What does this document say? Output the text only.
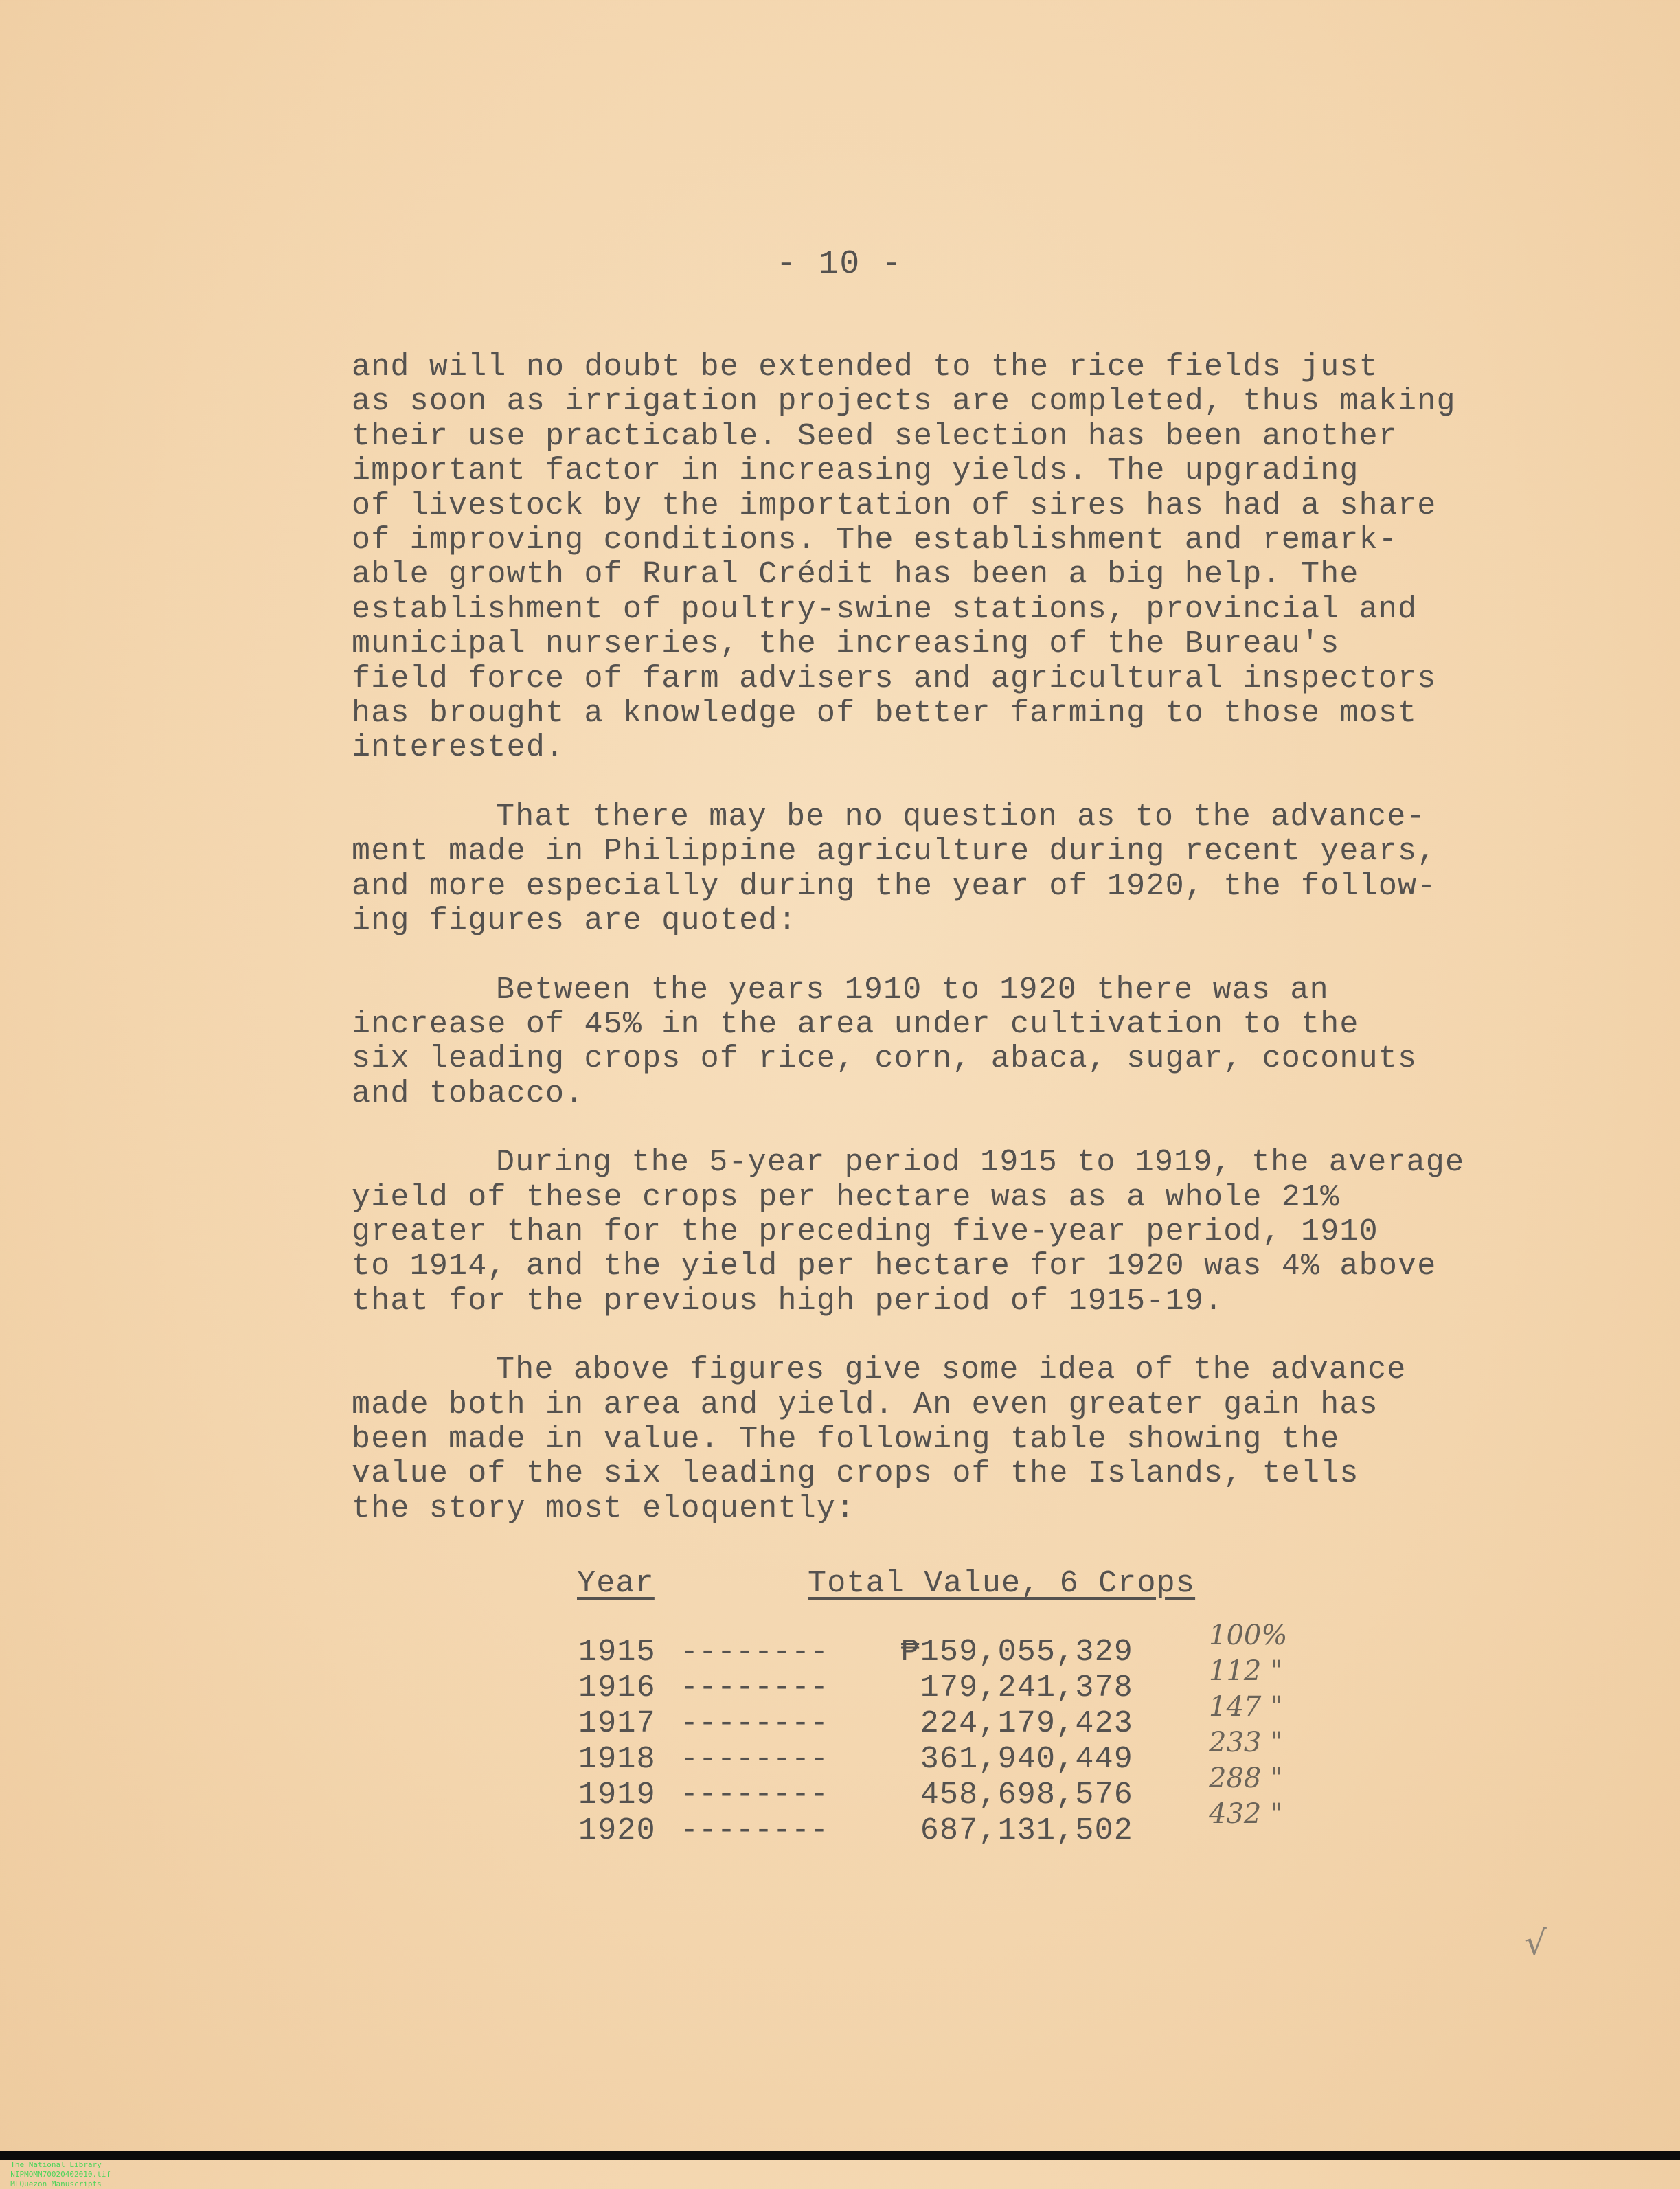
- 10 -

and will no doubt be extended to the rice fields just
as soon as irrigation projects are completed, thus making
their use practicable. Seed selection has been another
important factor in increasing yields. The upgrading
of livestock by the importation of sires has had a share
of improving conditions. The establishment and remark-
able growth of Rural Crédit has been a big help. The
establishment of poultry-swine stations, provincial and
municipal nurseries, the increasing of the Bureau's
field force of farm advisers and agricultural inspectors
has brought a knowledge of better farming to those most
interested.

That there may be no question as to the advance-
ment made in Philippine agriculture during recent years,
and more especially during the year of 1920, the follow-
ing figures are quoted:

Between the years 1910 to 1920 there was an
increase of 45% in the area under cultivation to the
six leading crops of rice, corn, abaca, sugar, coconuts
and tobacco.

During the 5-year period 1915 to 1919, the average
yield of these crops per hectare was as a whole 21%
greater than for the preceding five-year period, 1910
to 1914, and the yield per hectare for 1920 was 4% above
that for the previous high period of 1915-19.

The above figures give some idea of the advance
made both in area and yield. An even greater gain has
been made in value. The following table showing the
value of the six leading crops of the Islands, tells
the story most eloquently:

Year	Total Value, 6 Crops
1915 --------	₱159,055,329	100%
1916 --------	179,241,378	112 "
1917 --------	224,179,423	147 "
1918 --------	361,940,449	233 "
1919 --------	458,698,576	288 "
1920 --------	687,131,502	432 "
√

The National Library
NIPMQMN70020402010.tif
MLQuezon Manuscripts
